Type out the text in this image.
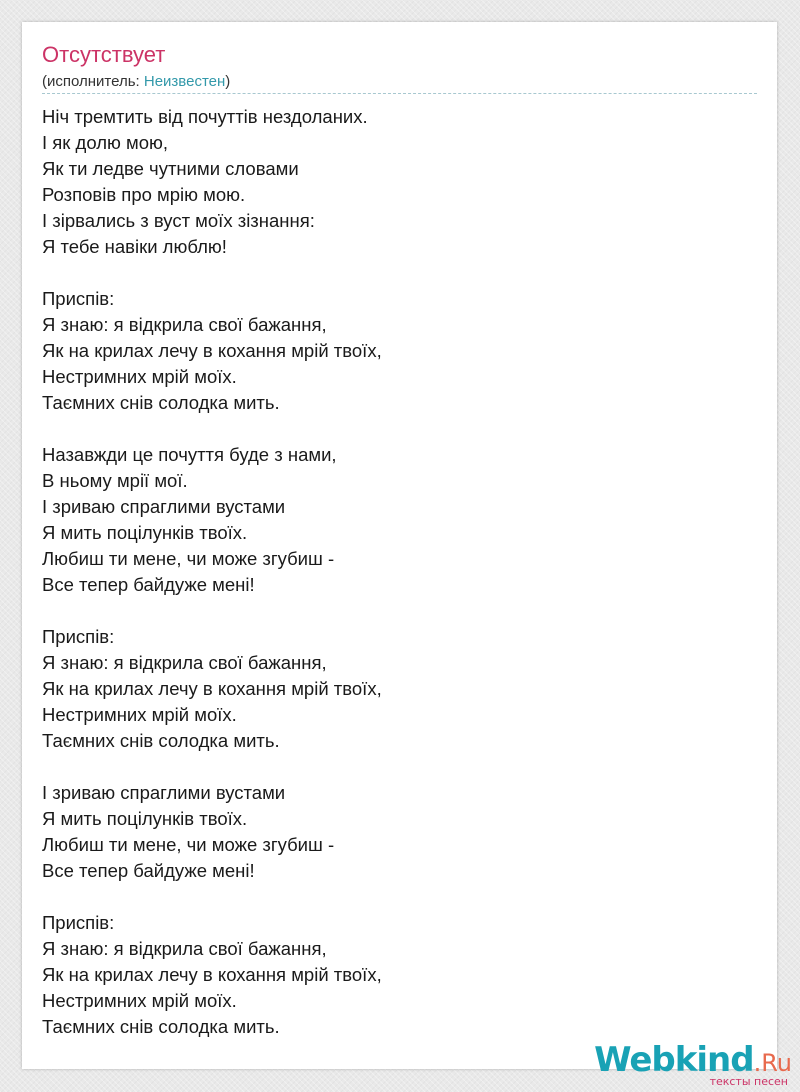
Отсутствует
(исполнитель: Неизвестен)
Ніч тремтить від почуттів нездоланих.
І як долю мою,
Як ти ледве чутними словами
Розповів про мрію мою.
І зірвались з вуст моїх зізнання:
Я тебе навіки люблю!
Приспів:
Я знаю: я відкрила свої бажання,
Як на крилах лечу в кохання мрій твоїх,
Нестримних мрій моїх.
Таємних снів солодка мить.
Назавжди це почуття буде з нами,
В ньому мрії мої.
І зриваю спраглими вустами
Я мить поцілунків твоїх.
Любиш ти мене, чи може згубиш -
Все тепер байдуже мені!
Приспів:
Я знаю: я відкрила свої бажання,
Як на крилах лечу в кохання мрій твоїх,
Нестримних мрій моїх.
Таємних снів солодка мить.
І зриваю спраглими вустами
Я мить поцілунків твоїх.
Любиш ти мене, чи може згубиш -
Все тепер байдуже мені!
Приспів:
Я знаю: я відкрила свої бажання,
Як на крилах лечу в кохання мрій твоїх,
Нестримних мрій моїх.
Таємних снів солодка мить.
Webkind.Ru
тексты песен
